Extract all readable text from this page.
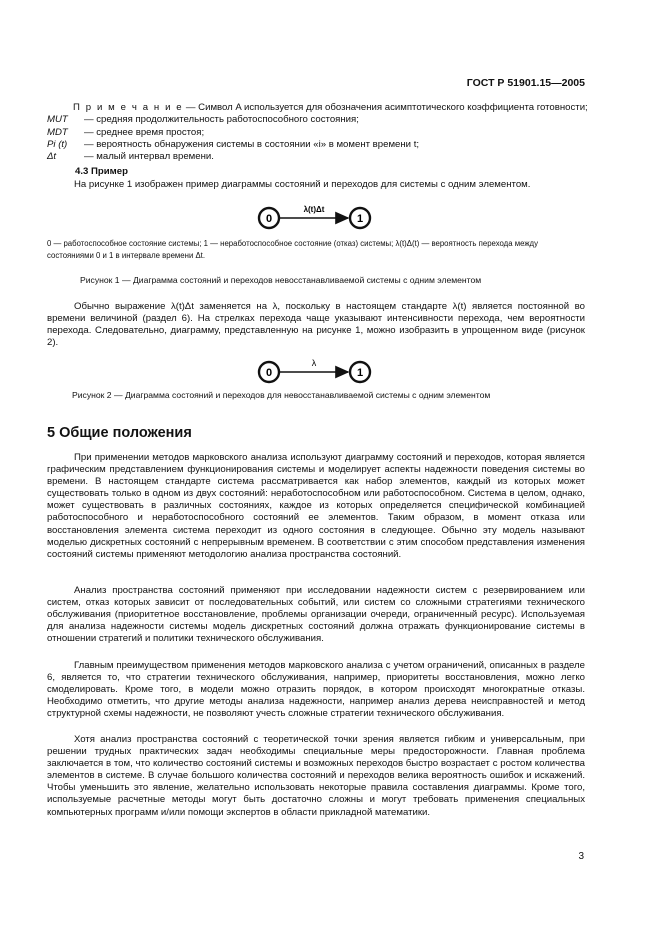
ГОСТ Р 51901.15—2005
П р и м е ч а н и е — Символ A используется для обозначения асимптотического коэффициента готовности;
MUT — средняя продолжительность работоспособного состояния;
MDT — среднее время простоя;
Pi (t) — вероятность обнаружения системы в состоянии «i» в момент времени t;
Δt	— малый интервал времени.
4.3 Пример
На рисунке 1 изображен пример диаграммы состояний и переходов для системы с одним элементом.
0
λ(t)Δt
1
0 — работоспособное состояние системы; 1 — неработоспособное состояние (отказ) системы; λ(t)Δ(t) — вероятность перехода между состояниями 0 и 1 в интервале времени Δt.
Рисунок 1 — Диаграмма состояний и переходов невосстанавливаемой системы с одним элементом
Обычно выражение λ(t)Δt заменяется на λ, поскольку в настоящем стандарте λ(t) является постоянной во времени величиной (раздел 6). На стрелках перехода чаще указывают интенсивности перехода, чем вероятности перехода. Следовательно, диаграмму, представленную на рисунке 1, можно изобразить в упрощенном виде (рисунок 2).
0
λ
1
Рисунок 2 — Диаграмма состояний и переходов для невосстанавливаемой системы с одним элементом
5 Общие положения
При применении методов марковского анализа используют диаграмму состояний и переходов, которая является графическим представлением функционирования системы и моделирует аспекты надежности поведения системы во времени. В настоящем стандарте система рассматривается как набор элементов, каждый из которых может существовать только в одном из двух состояний: неработоспособном или работоспособном. Система в целом, однако, может существовать в различных состояниях, каждое из которых определяется специфической комбинацией работоспособного и неработоспособного состояний ее элементов. Таким образом, в момент отказа или восстановления элемента система переходит из одного состояния в следующее. Обычно эту модель называют моделью дискретных состояний с непрерывным временем. В соответствии с этим способом представления изменения состояний системы применяют методологию анализа пространства состояний.
Анализ пространства состояний применяют при исследовании надежности систем с резервированием или систем, отказ которых зависит от последовательных событий, или систем со сложными стратегиями технического обслуживания (приоритетное восстановление, проблемы организации очереди, ограниченный ресурс). Используемая для анализа надежности системы модель дискретных состояний должна отражать функционирование системы в отношении стратегий и политики технического обслуживания.
Главным преимуществом применения методов марковского анализа с учетом ограничений, описанных в разделе 6, является то, что стратегии технического обслуживания, например, приоритеты восстановления, можно легко смоделировать. Кроме того, в модели можно отразить порядок, в котором происходят многократные отказы. Необходимо отметить, что другие методы анализа надежности, например анализ дерева неисправностей и метод структурной схемы надежности, не позволяют учесть сложные стратегии технического обслуживания.
Хотя анализ пространства состояний с теоретической точки зрения является гибким и универсальным, при решении трудных практических задач необходимы специальные меры предосторожности. Главная проблема заключается в том, что количество состояний системы и возможных переходов быстро возрастает с ростом количества элементов в системе. В случае большого количества состояний и переходов велика вероятность ошибок и искажений. Чтобы уменьшить это явление, желательно использовать некоторые правила составления диаграммы. Кроме того, используемые расчетные методы могут быть достаточно сложны и могут требовать применения специальных компьютерных программ и/или помощи экспертов в области прикладной математики.
3
